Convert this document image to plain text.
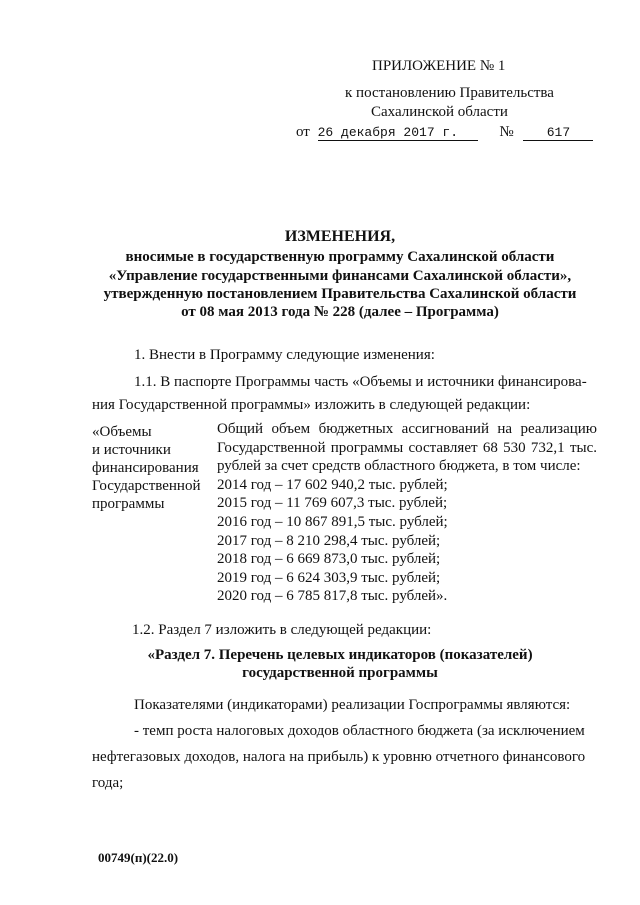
ПРИЛОЖЕНИЕ № 1
к постановлению Правительства
Сахалинской области
от 26 декабря 2017 г.	№	617
ИЗМЕНЕНИЯ,
вносимые в государственную программу Сахалинской области
«Управление государственными финансами Сахалинской области»,
утвержденную постановлением Правительства Сахалинской области
от 08 мая 2013 года № 228 (далее – Программа)
1. Внести в Программу следующие изменения:
1.1. В паспорте Программы часть «Объемы и источники финансирова-
ния Государственной программы» изложить в следующей редакции:
«Объемы
и источники
финансирования
Государственной
программы
Общий объем бюджетных ассигнований на реализацию
Государственной программы составляет 68 530 732,1 тыс.
рублей за счет средств областного бюджета, в том числе:
2014 год – 17 602 940,2 тыс. рублей;
2015 год – 11 769 607,3 тыс. рублей;
2016 год – 10 867 891,5 тыс. рублей;
2017 год – 8 210 298,4 тыс. рублей;
2018 год – 6 669 873,0 тыс. рублей;
2019 год – 6 624 303,9 тыс. рублей;
2020 год – 6 785 817,8 тыс. рублей».
1.2. Раздел 7 изложить в следующей редакции:
«Раздел 7. Перечень целевых индикаторов (показателей)
государственной программы
Показателями (индикаторами) реализации Госпрограммы являются:
- темп роста налоговых доходов областного бюджета (за исключением
нефтегазовых доходов, налога на прибыль) к уровню отчетного финансового
года;
00749(п)(22.0)
